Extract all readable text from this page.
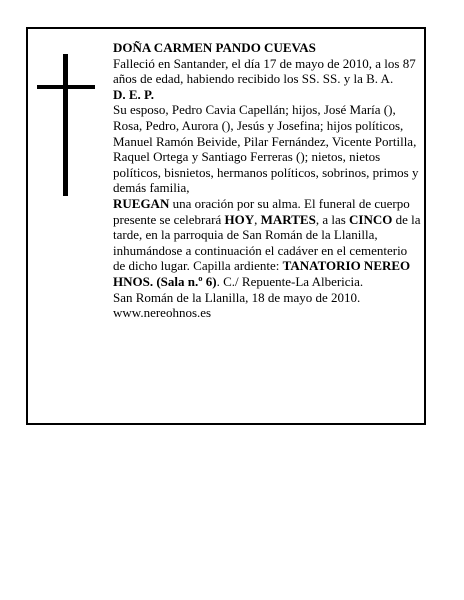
DOÑA CARMEN PANDO CUEVAS

Falleció en Santander, el día 17 de mayo de 2010, a los 87 años de edad, habiendo recibido los SS. SS. y la B. A.

D. E. P.

Su esposo, Pedro Cavia Capellán; hijos, José María (), Rosa, Pedro, Aurora (), Jesús y Josefina; hijos políticos, Manuel Ramón Beivide, Pilar Fernández, Vicente Portilla, Raquel Ortega y Santiago Ferreras (); nietos, nietos políticos, bisnietos, hermanos políticos, sobrinos, primos y demás familia,

RUEGAN una oración por su alma. El funeral de cuerpo presente se celebrará HOY, MARTES, a las CINCO de la tarde, en la parroquia de San Román de la Llanilla, inhumándose a continuación el cadáver en el cementerio de dicho lugar. Capilla ardiente: TANATORIO NEREO HNOS. (Sala n.º 6). C./ Repuente-La Albericia.

San Román de la Llanilla, 18 de mayo de 2010.

www.nereohnos.es
